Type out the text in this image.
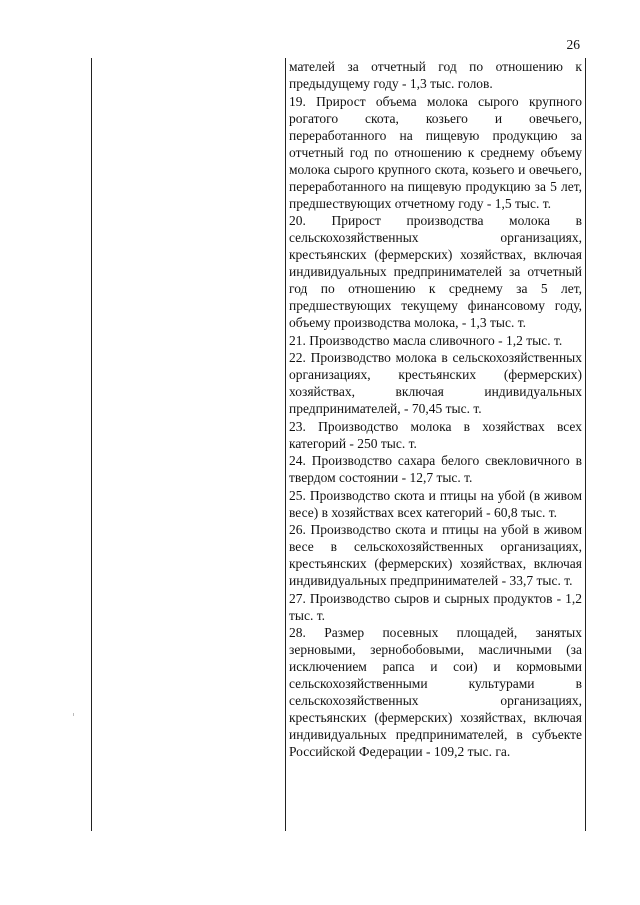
26

мателей за отчетный год по отношению к предыдущему году - 1,3 тыс. голов.

19. Прирост объема молока сырого крупного рогатого скота, козьего и овечьего, переработанного на пищевую продукцию за отчетный год по отношению к среднему объему молока сырого крупного скота, козьего и овечьего, переработанного на пищевую продукцию за 5 лет, предшествующих отчетному году - 1,5 тыс. т.

20. Прирост производства молока в сельскохозяйственных организациях, крестьянских (фермерских) хозяйствах, включая индивидуальных предпринимателей за отчетный год по отношению к среднему за 5 лет, предшествующих текущему финансовому году, объему производства молока, - 1,3 тыс. т.

21. Производство масла сливочного - 1,2 тыс. т.

22. Производство молока в сельскохозяйственных организациях, крестьянских (фермерских) хозяйствах, включая индивидуальных предпринимателей, - 70,45 тыс. т.

23. Производство молока в хозяйствах всех категорий - 250 тыс. т.

24. Производство сахара белого свекловичного в твердом состоянии - 12,7 тыс. т.

25. Производство скота и птицы на убой (в живом весе) в хозяйствах всех категорий - 60,8 тыс. т.

26. Производство скота и птицы на убой в живом весе в сельскохозяйственных организациях, крестьянских (фермерских) хозяйствах, включая индивидуальных предпринимателей - 33,7 тыс. т.

27. Производство сыров и сырных продуктов - 1,2 тыс. т.

28. Размер посевных площадей, занятых зерновыми, зернобобовыми, масличными (за исключением рапса и сои) и кормовыми сельскохозяйственными культурами в сельскохозяйственных организациях, крестьянских (фермерских) хозяйствах, включая индивидуальных предпринимателей, в субъекте Российской Федерации - 109,2 тыс. га.
